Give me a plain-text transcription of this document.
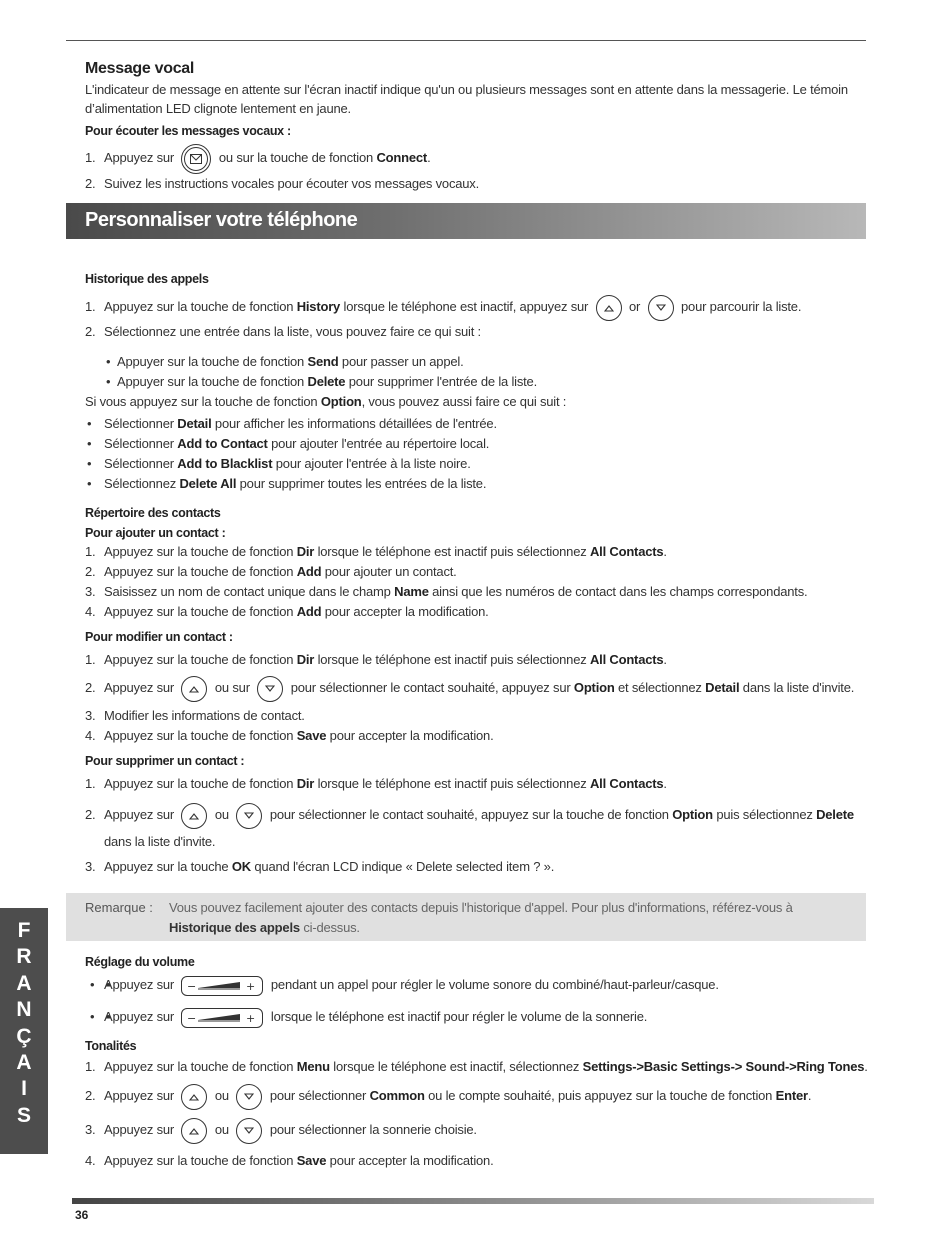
Personnaliser votre téléphone

Message vocal

L'indicateur de message en attente sur l'écran inactif indique qu'un ou plusieurs messages sont en attente dans la messagerie. Le témoin d’alimentation LED clignote lentement en jaune.

Pour écouter les messages vocaux :

1. Appuyez sur	ou sur la touche de fonction Connect.
2. Suivez les instructions vocales pour écouter vos messages vocaux.

Historique des appels

1. Appuyez sur la touche de fonction History lorsque le téléphone est inactif, appuyez sur	or	pour parcourir la liste.
2. Sélectionnez une entrée dans la liste, vous pouvez faire ce qui suit :
• Appuyer sur la touche de fonction Send pour passer un appel.
• Appuyer sur la touche de fonction Delete pour supprimer l'entrée de la liste.
Si vous appuyez sur la touche de fonction Option, vous pouvez aussi faire ce qui suit :
• Sélectionner Detail pour afficher les informations détaillées de l'entrée.
• Sélectionner Add to Contact pour ajouter l'entrée au répertoire local.
• Sélectionner Add to Blacklist pour ajouter l'entrée à la liste noire.
• Sélectionnez Delete All pour supprimer toutes les entrées de la liste.

Répertoire des contacts

Pour ajouter un contact :

1. Appuyez sur la touche de fonction Dir lorsque le téléphone est inactif puis sélectionnez All Contacts.
2. Appuyez sur la touche de fonction Add pour ajouter un contact.
3. Saisissez un nom de contact unique dans le champ Name ainsi que les numéros de contact dans les champs correspondants.
4. Appuyez sur la touche de fonction Add pour accepter la modification.

Pour modifier un contact :

1. Appuyez sur la touche de fonction Dir lorsque le téléphone est inactif puis sélectionnez All Contacts.
2. Appuyez sur	ou sur	pour sélectionner le contact souhaité, appuyez sur Option et sélectionnez Detail dans la liste d'invite.
3. Modifier les informations de contact.
4. Appuyez sur la touche de fonction Save pour accepter la modification.

Pour supprimer un contact :

1. Appuyez sur la touche de fonction Dir lorsque le téléphone est inactif puis sélectionnez All Contacts.
2. Appuyez sur	ou	pour sélectionner le contact souhaité, appuyez sur la touche de fonction Option puis sélectionnez Delete dans la liste d'invite.
3. Appuyez sur la touche OK quand l'écran LCD indique « Delete selected item ? ».
Remarque : Vous pouvez facilement ajouter des contacts depuis l'historique d'appel. Pour plus d'informations, référez-vous à Historique des appels ci-dessus.

Réglage du volume

• • Appuyez sur −	+ pendant un appel pour régler le volume sonore du combiné/haut-parleur/casque.
• • Appuyez sur −	+ lorsque le téléphone est inactif pour régler le volume de la sonnerie.

Tonalités

1. Appuyez sur la touche de fonction Menu lorsque le téléphone est inactif, sélectionnez Settings->Basic Settings-> Sound->Ring Tones.
2. Appuyez sur	ou	pour sélectionner Common ou le compte souhaité, puis appuyez sur la touche de fonction Enter.
3. Appuyez sur	ou	pour sélectionner la sonnerie choisie.
4. Appuyez sur la touche de fonction Save pour accepter la modification.
F
R
A
N
Ç
A
I
S
36
